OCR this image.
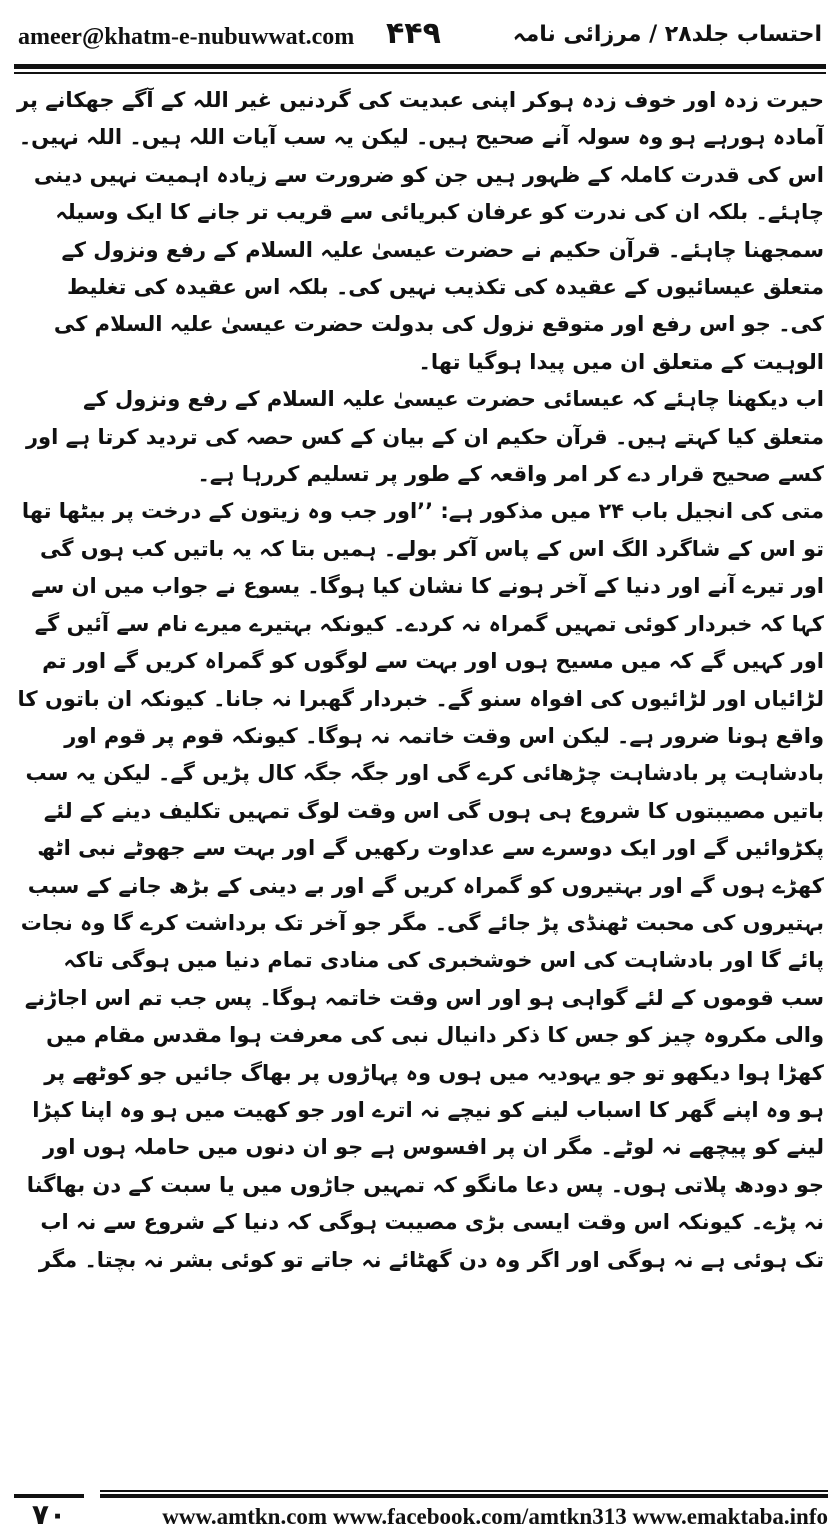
ameer@khatm-e-nubuwwat.com ۴۴۹	احتساب جلد۲۸ / مرزائی نامہ

حیرت زدہ اور خوف زدہ ہوکر اپنی عبدیت کی گردنیں غیر اللہ کے آگے جھکانے پر آمادہ ہورہے ہو وہ سولہ آنے صحیح ہیں۔ لیکن یہ سب آیات اللہ ہیں۔ اللہ نہیں۔ اس کی قدرت کاملہ کے ظہور ہیں جن کو ضرورت سے زیادہ اہمیت نہیں دینی چاہئے۔ بلکہ ان کی ندرت کو عرفان کبریائی سے قریب تر جانے کا ایک وسیلہ سمجھنا چاہئے۔ قرآن حکیم نے حضرت عیسیٰ علیہ السلام کے رفع ونزول کے متعلق عیسائیوں کے عقیدہ کی تکذیب نہیں کی۔ بلکہ اس عقیدہ کی تغلیط کی۔ جو اس رفع اور متوقع نزول کی بدولت حضرت عیسیٰ علیہ السلام کی الوہیت کے متعلق ان میں پیدا ہوگیا تھا۔

اب دیکھنا چاہئے کہ عیسائی حضرت عیسیٰ علیہ السلام کے رفع ونزول کے متعلق کیا کہتے ہیں۔ قرآن حکیم ان کے بیان کے کس حصہ کی تردید کرتا ہے اور کسے صحیح قرار دے کر امر واقعہ کے طور پر تسلیم کررہا ہے۔

متی کی انجیل باب ۲۴ میں مذکور ہے: ’’اور جب وہ زیتون کے درخت پر بیٹھا تھا تو اس کے شاگرد الگ اس کے پاس آکر بولے۔ ہمیں بتا کہ یہ باتیں کب ہوں گی اور تیرے آنے اور دنیا کے آخر ہونے کا نشان کیا ہوگا۔ یسوع نے جواب میں ان سے کہا کہ خبردار کوئی تمہیں گمراہ نہ کردے۔ کیونکہ بہتیرے میرے نام سے آئیں گے اور کہیں گے کہ میں مسیح ہوں اور بہت سے لوگوں کو گمراہ کریں گے اور تم لڑائیاں اور لڑائیوں کی افواہ سنو گے۔ خبردار گھبرا نہ جانا۔ کیونکہ ان باتوں کا واقع ہونا ضرور ہے۔ لیکن اس وقت خاتمہ نہ ہوگا۔ کیونکہ قوم پر قوم اور بادشاہت پر بادشاہت چڑھائی کرے گی اور جگہ جگہ کال پڑیں گے۔ لیکن یہ سب باتیں مصیبتوں کا شروع ہی ہوں گی اس وقت لوگ تمہیں تکلیف دینے کے لئے پکڑوائیں گے اور ایک دوسرے سے عداوت رکھیں گے اور بہت سے جھوٹے نبی اٹھ کھڑے ہوں گے اور بہتیروں کو گمراہ کریں گے اور بے دینی کے بڑھ جانے کے سبب بہتیروں کی محبت ٹھنڈی پڑ جائے گی۔ مگر جو آخر تک برداشت کرے گا وہ نجات پائے گا اور بادشاہت کی اس خوشخبری کی منادی تمام دنیا میں ہوگی تاکہ سب قوموں کے لئے گواہی ہو اور اس وقت خاتمہ ہوگا۔ پس جب تم اس اجاڑنے والی مکروہ چیز کو جس کا ذکر دانیال نبی کی معرفت ہوا مقدس مقام میں کھڑا ہوا دیکھو تو جو یہودیہ میں ہوں وہ پہاڑوں پر بھاگ جائیں جو کوٹھے پر ہو وہ اپنے گھر کا اسباب لینے کو نیچے نہ اترے اور جو کھیت میں ہو وہ اپنا کپڑا لینے کو پیچھے نہ لوٹے۔ مگر ان پر افسوس ہے جو ان دنوں میں حاملہ ہوں اور جو دودھ پلاتی ہوں۔ پس دعا مانگو کہ تمہیں جاڑوں میں یا سبت کے دن بھاگنا نہ پڑے۔ کیونکہ اس وقت ایسی بڑی مصیبت ہوگی کہ دنیا کے شروع سے نہ اب تک ہوئی ہے نہ ہوگی اور اگر وہ دن گھٹائے نہ جاتے تو کوئی بشر نہ بچتا۔ مگر

۷۰	www.amtkn.com www.facebook.com/amtkn313 www.emaktaba.info
